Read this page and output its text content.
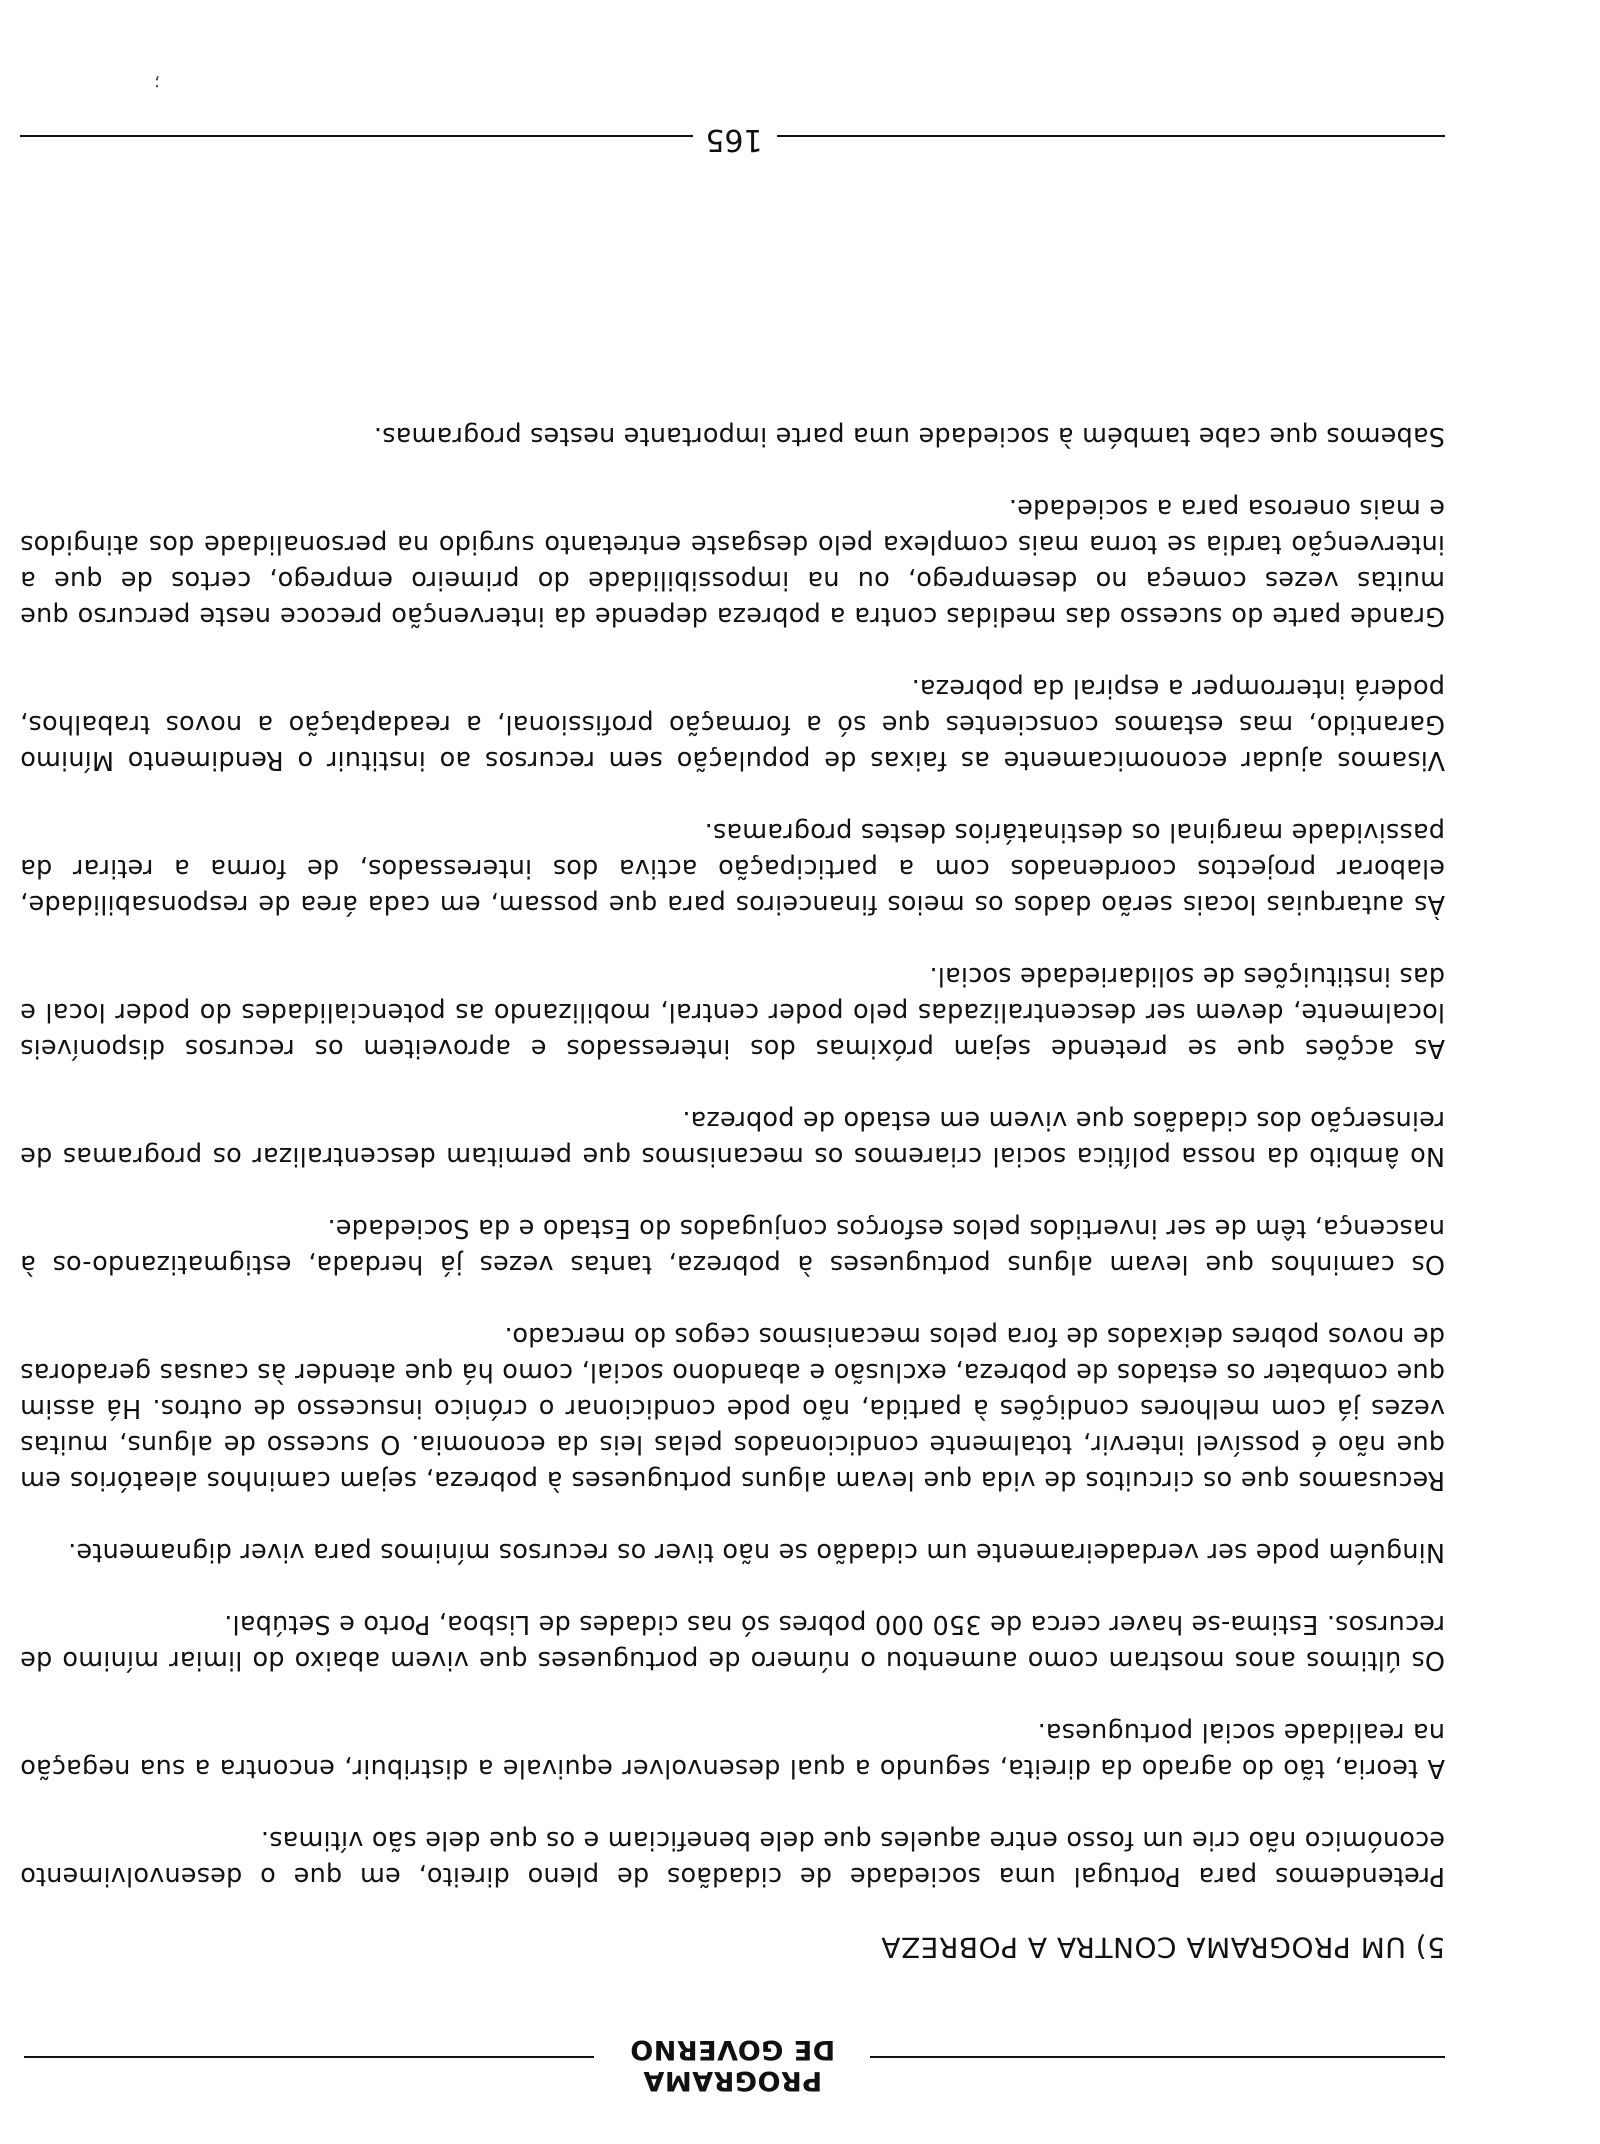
PROGRAMA
DE GOVERNO
5) UM PROGRAMA CONTRA A POBREZA

Pretendemos para Portugal uma sociedade de cidadãos de pleno direito, em que o desenvolvimento económico não crie um fosso entre aqueles que dele beneficiam e os que dele são vítimas.

A teoria, tão do agrado da direita, segundo a qual desenvolver equivale a distribuir, encontra a sua negação na realidade social portuguesa.

Os últimos anos mostram como aumentou o número de portugueses que vivem abaixo do limiar mínimo de recursos. Estima-se haver cerca de 350 000 pobres só nas cidades de Lisboa, Porto e Setúbal.

Ninguém pode ser verdadeiramente um cidadão se não tiver os recursos mínimos para viver dignamente.

Recusamos que os circuitos de vida que levam alguns portugueses à pobreza, sejam caminhos aleatórios em que não é possível intervir, totalmente condicionados pelas leis da economia. O sucesso de alguns, muitas vezes já com melhores condições à partida, não pode condicionar o crónico insucesso de outros. Há assim que combater os estados de pobreza, exclusão e abandono social, como há que atender às causas geradoras de novos pobres deixados de fora pelos mecanismos cegos do mercado.

Os caminhos que levam alguns portugueses à pobreza, tantas vezes já herdada, estigmatizando-os à nascença, têm de ser invertidos pelos esforços conjugados do Estado e da Sociedade.

No âmbito da nossa política social criaremos os mecanismos que permitam descentralizar os programas de reinserção dos cidadãos que vivem em estado de pobreza.

As acções que se pretende sejam próximas dos interessados e aproveitem os recursos disponíveis localmente, devem ser descentralizadas pelo poder central, mobilizando as potencialidades do poder local e das instituições de solidariedade social.

Às autarquias locais serão dados os meios financeiros para que possam, em cada área de responsabilidade, elaborar projectos coordenados com a participação activa dos interessados, de forma a retirar da passividade marginal os destinatários destes programas.

Visamos ajudar economicamente as faixas de população sem recursos ao instituir o Rendimento Mínimo Garantido, mas estamos conscientes que só a formação profissional, a readaptação a novos trabalhos, poderá interromper a espiral da pobreza.

Grande parte do sucesso das medidas contra a pobreza depende da intervenção precoce neste percurso que muitas vezes começa no desemprego, ou na impossibilidade do primeiro emprego, certos de que a intervenção tardia se torna mais complexa pelo desgaste entretanto surgido na personalidade dos atingidos e mais onerosa para a sociedade.

Sabemos que cabe também à sociedade uma parte importante nestes programas.

165
;
